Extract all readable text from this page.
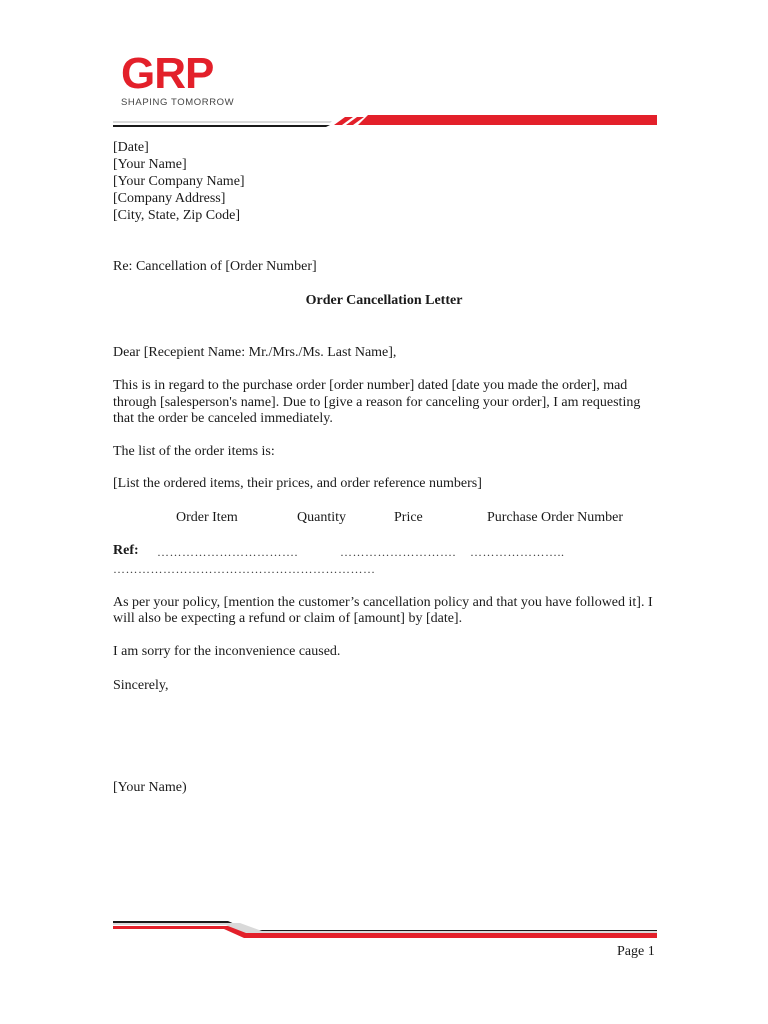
GRP
SHAPING TOMORROW
[Date]
[Your Name]
[Your Company Name]
[Company Address]
[City, State, Zip Code]
Re: Cancellation of [Order Number]
Order Cancellation Letter
Dear [Recepient Name: Mr./Mrs./Ms. Last Name],
This is in regard to the purchase order [order number] dated [date you made the order], mad
through [salesperson's name]. Due to [give a reason for canceling your order], I am requesting
that the order be canceled immediately.
The list of the order items is:
[List the ordered items, their prices, and order reference numbers]
Order Item	Quantity	Price	Purchase Order Number
Ref: …………………………….	………………………. …………………..
………………………………………………………
As per your policy, [mention the customer’s cancellation policy and that you have followed it]. I
will also be expecting a refund or claim of [amount] by [date].
I am sorry for the inconvenience caused.
Sincerely,
[Your Name)
Page 1
